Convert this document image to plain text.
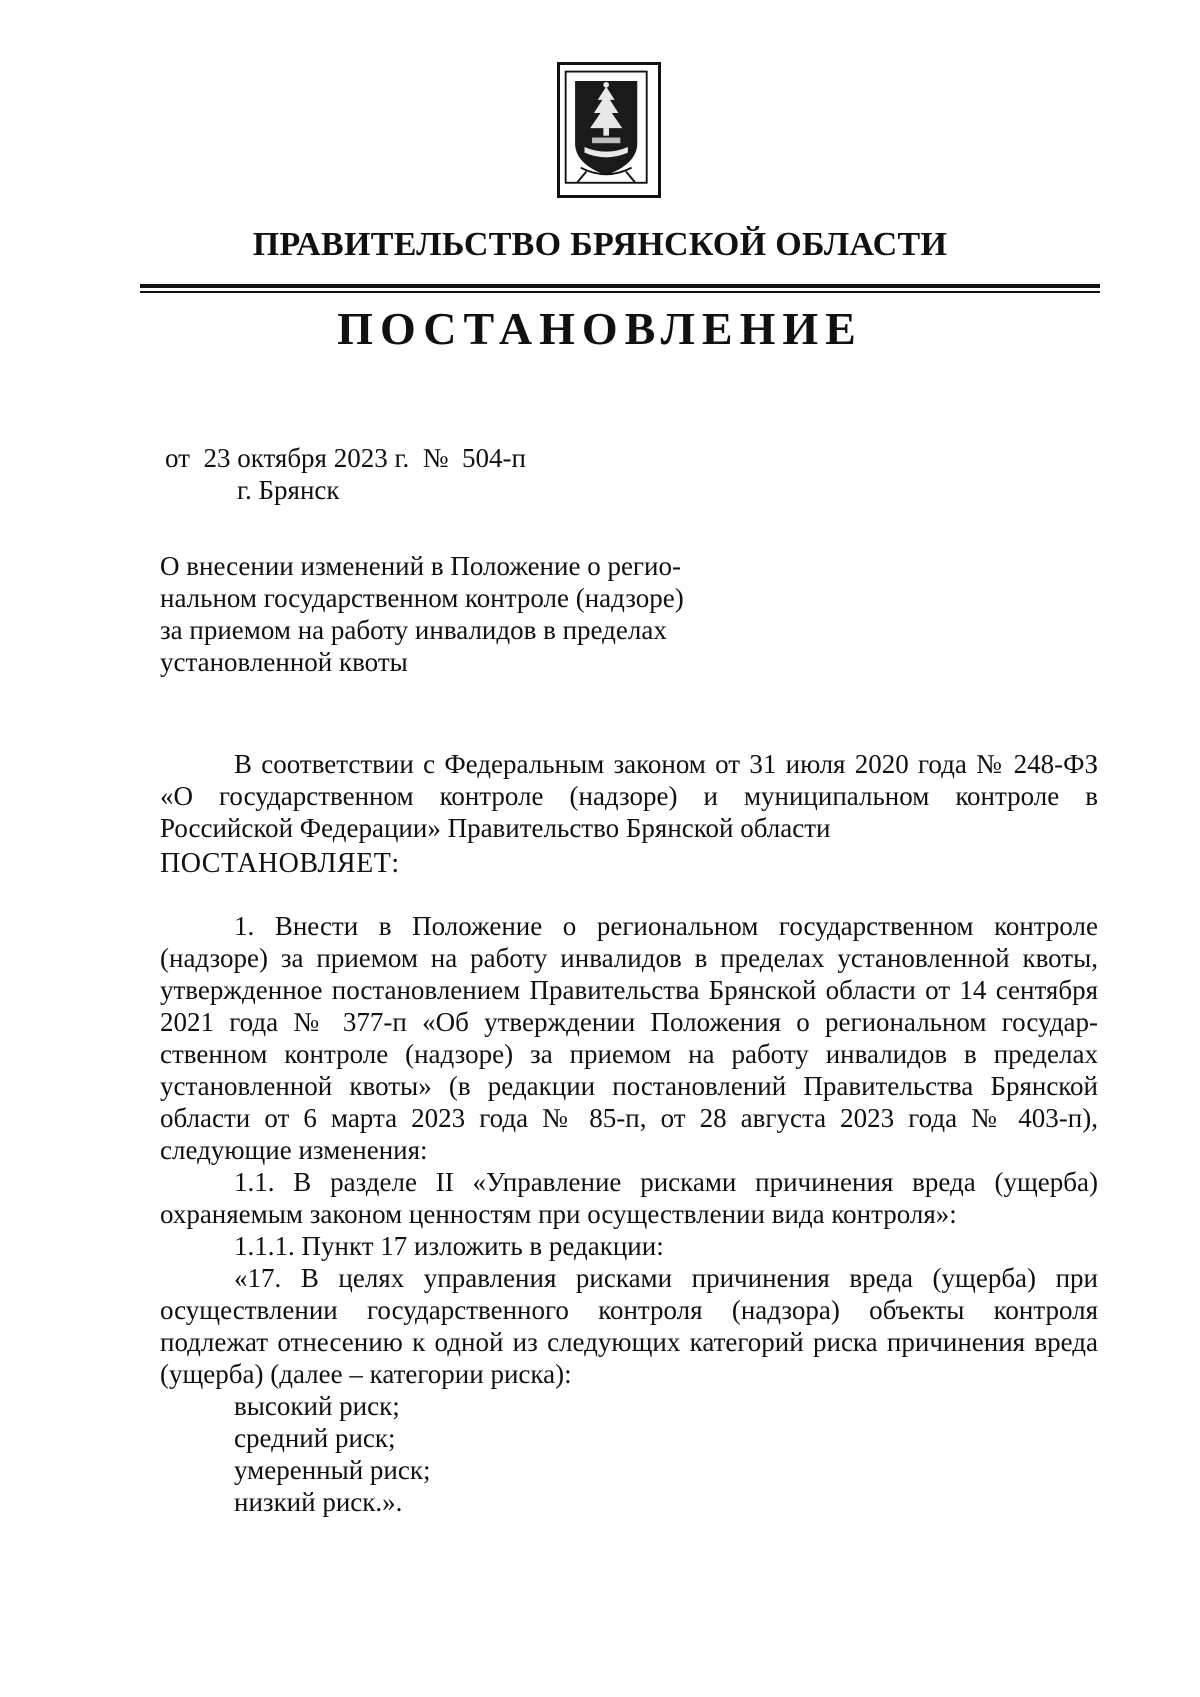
ПРАВИТЕЛЬСТВО БРЯНСКОЙ ОБЛАСТИ
ПОСТАНОВЛЕНИЕ
от  23 октября 2023 г.  №  504-п
г. Брянск
О внесении изменений в Положение о регио-
нальном государственном контроле (надзоре)
за приемом на работу инвалидов в пределах
установленной квоты
В соответствии с Федеральным законом от 31 июля 2020 года № 248-ФЗ «О государственном контроле (надзоре) и муниципальном контроле в Российской Федерации» Правительство Брянской области
ПОСТАНОВЛЯЕТ:
1. Внести в Положение о региональном государственном контроле (надзоре) за приемом на работу инвалидов в пределах установленной квоты, утвержденное постановлением Правительства Брянской области от 14 сентября 2021 года № 377-п «Об утверждении Положения о региональном государственном контроле (надзоре) за приемом на работу инвалидов в пределах установленной квоты» (в редакции постановлений Правительства Брянской области от 6 марта 2023 года № 85-п, от 28 августа 2023 года № 403-п), следующие изменения:
1.1. В разделе II «Управление рисками причинения вреда (ущерба) охраняемым законом ценностям при осуществлении вида контроля»:
1.1.1. Пункт 17 изложить в редакции:
«17. В целях управления рисками причинения вреда (ущерба) при осуществлении государственного контроля (надзора) объекты контроля подлежат отнесению к одной из следующих категорий риска причинения вреда (ущерба) (далее – категории риска):
высокий риск;
средний риск;
умеренный риск;
низкий риск.».
